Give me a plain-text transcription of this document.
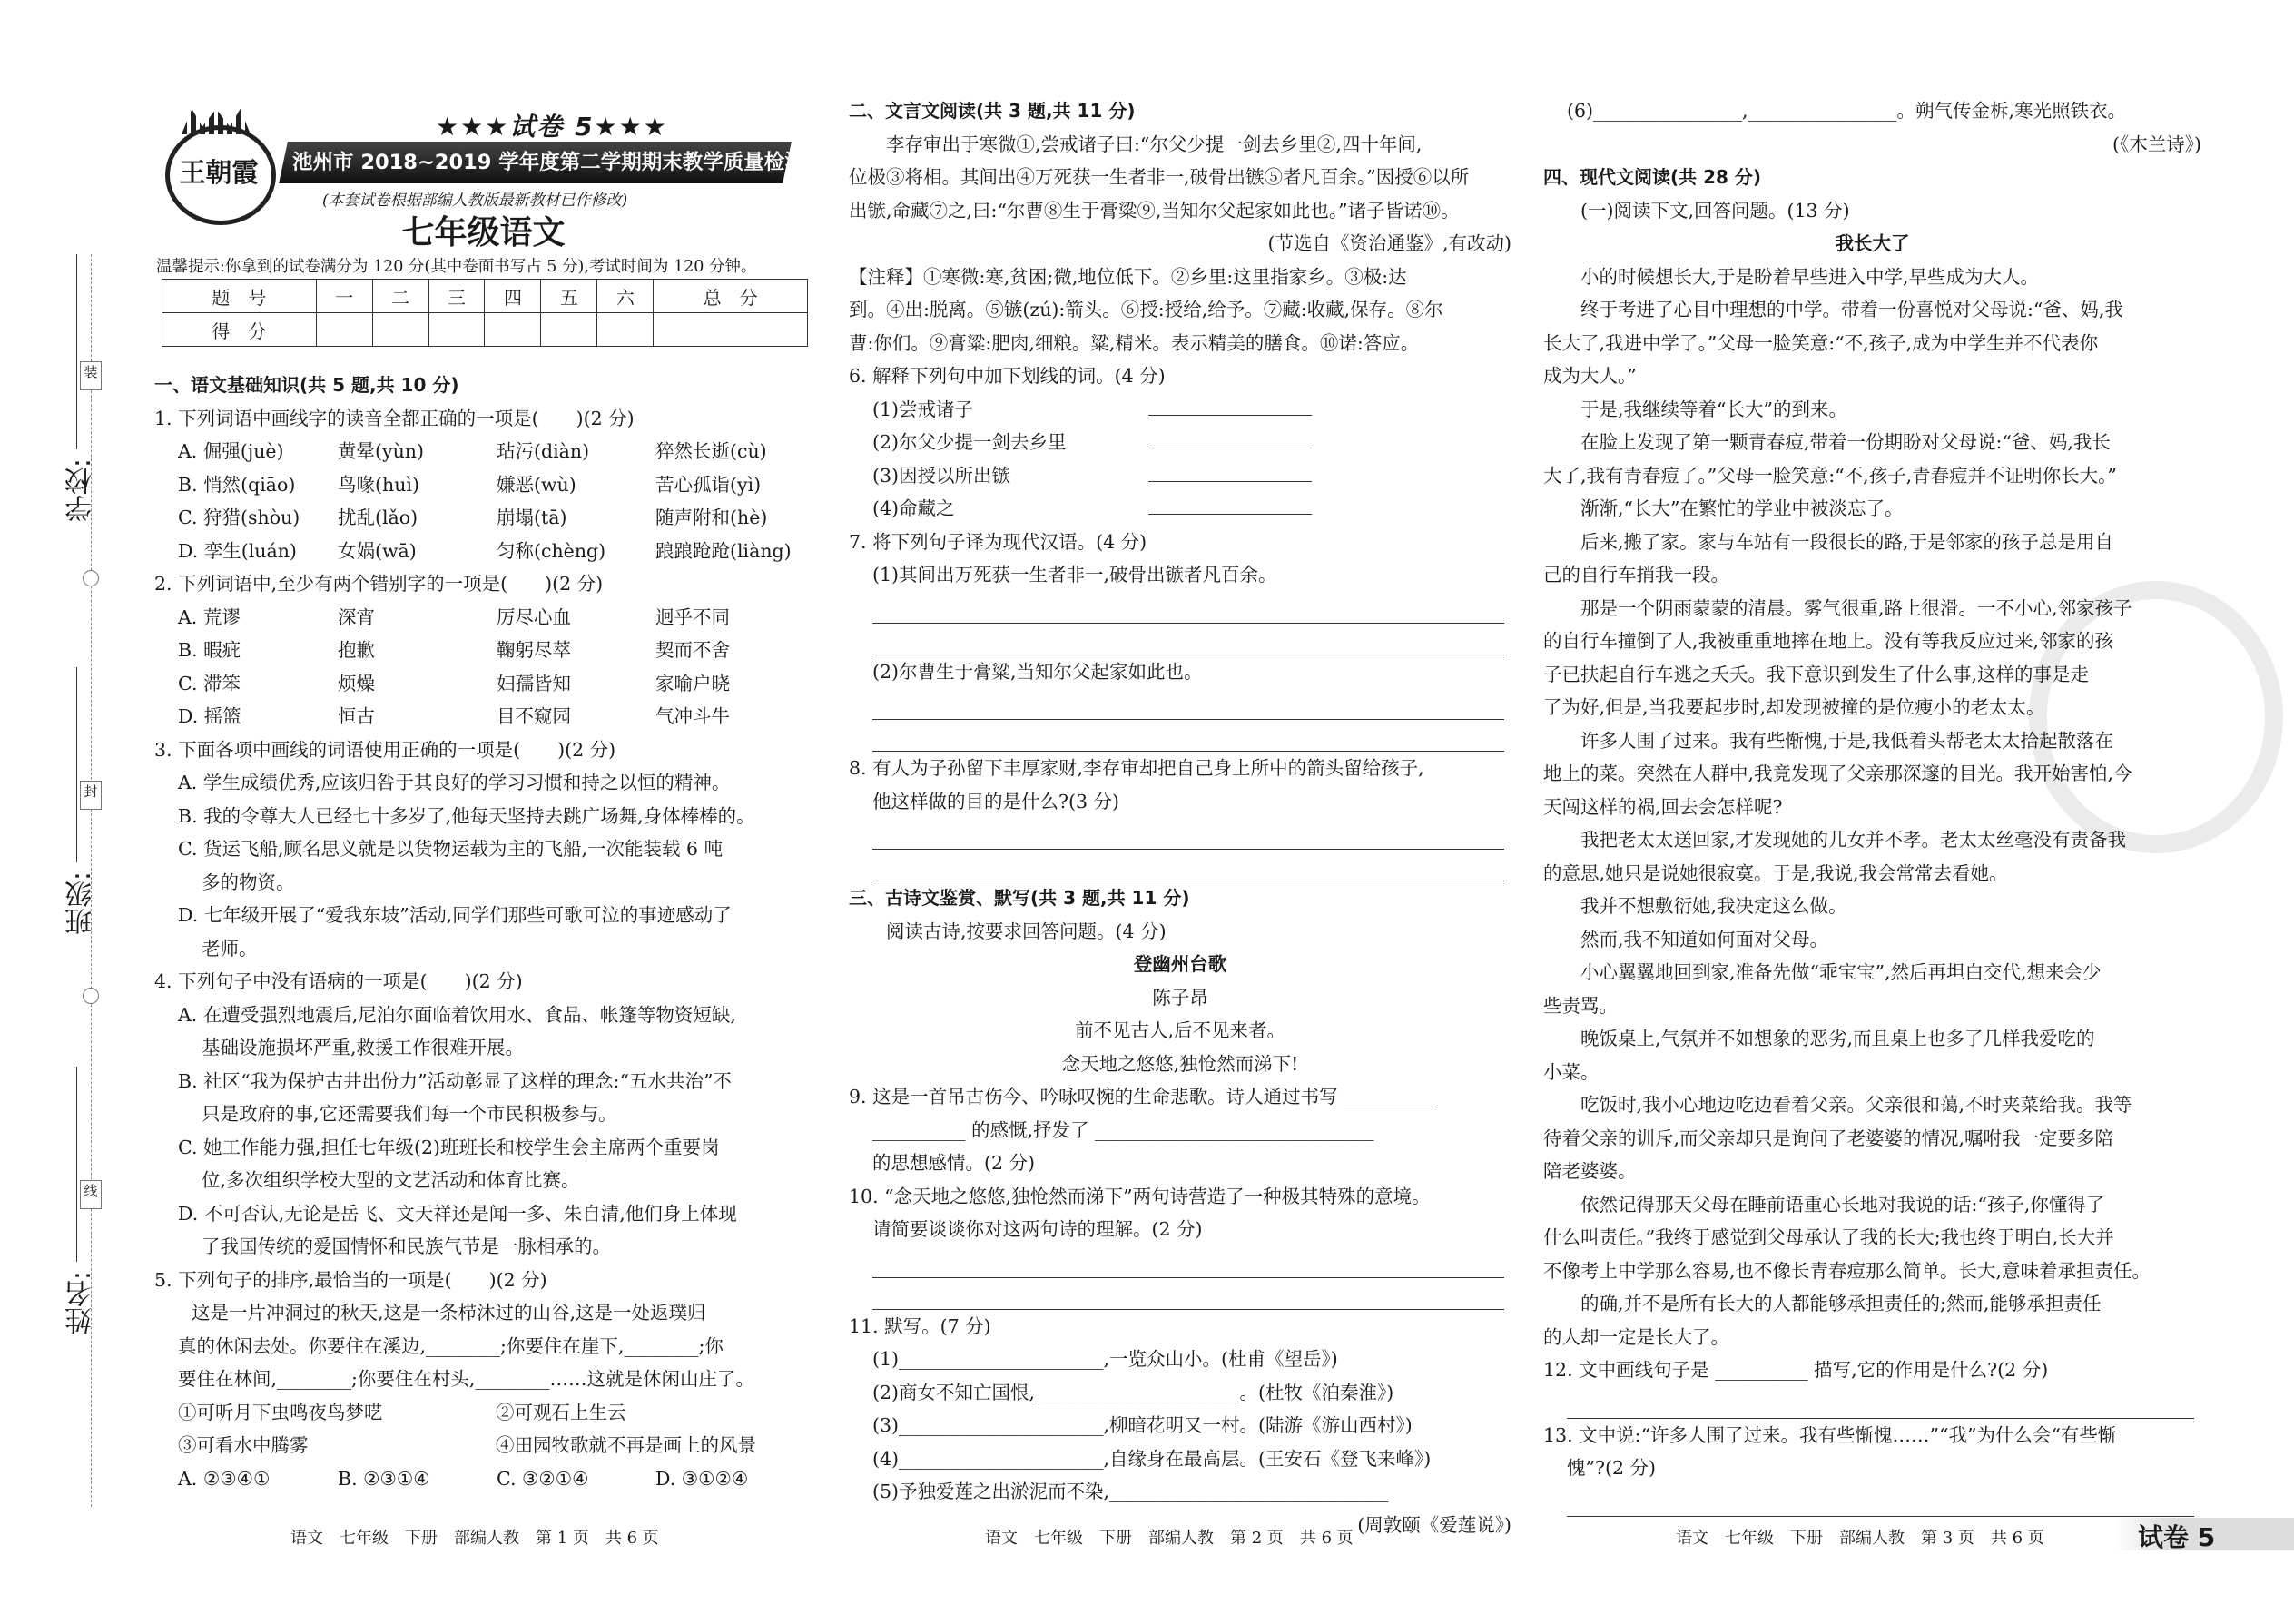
装
封
线
学校:
班级:
姓名:
王朝霞
★★★试卷 5★★★
池州市 2018~2019 学年度第二学期期末教学质量检测试题
(本套试卷根据部编人教版最新教材已作修改)
七年级语文
温馨提示:你拿到的试卷满分为 120 分(其中卷面书写占 5 分),考试时间为 120 分钟。
题　号	一	二	三	四	五	六	总　分
得　分							
一、语文基础知识(共 5 题,共 10 分)
1. 下列词语中画线字的读音全都正确的一项是(　　)(2 分)
A. 倔强(juè)	黄晕(yùn)	玷污(diàn)	猝然长逝(cù)
B. 悄然(qiāo) 鸟喙(huì)	嫌恶(wù)	苦心孤诣(yì)
C. 狩猎(shòu) 扰乱(lǎo)	崩塌(tā)	随声附和(hè)
D. 孪生(luán) 女娲(wā)	匀称(chèng)	踉踉跄跄(liàng)
2. 下列词语中,至少有两个错别字的一项是(　　)(2 分)
A. 荒谬	深宵	厉尽心血	迥乎不同
B. 暇疵	抱歉	鞠躬尽萃	契而不舍
C. 滞笨	烦燥	妇孺皆知	家喻户晓
D. 摇篮	恒古	目不窥园	气冲斗牛
3. 下面各项中画线的词语使用正确的一项是(　　)(2 分)
A. 学生成绩优秀,应该归咎于其良好的学习习惯和持之以恒的精神。
B. 我的令尊大人已经七十多岁了,他每天坚持去跳广场舞,身体棒棒的。
C. 货运飞船,顾名思义就是以货物运载为主的飞船,一次能装载 6 吨
多的物资。
D. 七年级开展了“爱我东坡”活动,同学们那些可歌可泣的事迹感动了
老师。
4. 下列句子中没有语病的一项是(　　)(2 分)
A. 在遭受强烈地震后,尼泊尔面临着饮用水、食品、帐篷等物资短缺,
基础设施损坏严重,救援工作很难开展。
B. 社区“我为保护古井出份力”活动彰显了这样的理念:“五水共治”不
只是政府的事,它还需要我们每一个市民积极参与。
C. 她工作能力强,担任七年级(2)班班长和校学生会主席两个重要岗
位,多次组织学校大型的文艺活动和体育比赛。
D. 不可否认,无论是岳飞、文天祥还是闻一多、朱自清,他们身上体现
了我国传统的爱国情怀和民族气节是一脉相承的。
5. 下列句子的排序,最恰当的一项是(　　)(2 分)
这是一片冲洞过的秋天,这是一条栉沐过的山谷,这是一处返璞归
真的休闲去处。你要住在溪边,________;你要住在崖下,________;你
要住在林间,________;你要住在村头,________……这就是休闲山庄了。
①可听月下虫鸣夜鸟梦呓	②可观石上生云
③可看水中腾雾	④田园牧歌就不再是画上的风景
A. ②③④①	B. ②③①④	C. ③②①④	D. ③①②④
二、文言文阅读(共 3 题,共 11 分)
李存审出于寒微①,尝戒诸子曰:“尔父少提一剑去乡里②,四十年间,
位极③将相。其间出④万死获一生者非一,破骨出镞⑤者凡百余。”因授⑥以所
出镞,命藏⑦之,曰:“尔曹⑧生于膏粱⑨,当知尔父起家如此也。”诸子皆诺⑩。
(节选自《资治通鉴》,有改动)
【注释】①寒微:寒,贫困;微,地位低下。②乡里:这里指家乡。③极:达
到。④出:脱离。⑤镞(zú):箭头。⑥授:授给,给予。⑦藏:收藏,保存。⑧尔
曹:你们。⑨膏粱:肥肉,细粮。粱,精米。表示精美的膳食。⑩诺:答应。
6. 解释下列句中加下划线的词。(4 分)
(1)尝戒诸子
(2)尔父少提一剑去乡里
(3)因授以所出镞
(4)命藏之
7. 将下列句子译为现代汉语。(4 分)
(1)其间出万死获一生者非一,破骨出镞者凡百余。
(2)尔曹生于膏粱,当知尔父起家如此也。
8. 有人为子孙留下丰厚家财,李存审却把自己身上所中的箭头留给孩子,
他这样做的目的是什么?(3 分)
三、古诗文鉴赏、默写(共 3 题,共 11 分)
阅读古诗,按要求回答问题。(4 分)
登幽州台歌
陈子昂
前不见古人,后不见来者。
念天地之悠悠,独怆然而涕下!
9. 这是一首吊古伤今、吟咏叹惋的生命悲歌。诗人通过书写 __________
__________ 的感慨,抒发了 ______________________________
的思想感情。(2 分)
10. “念天地之悠悠,独怆然而涕下”两句诗营造了一种极其特殊的意境。
请简要谈谈你对这两句诗的理解。(2 分)
11. 默写。(7 分)
(1)______________________,一览众山小。(杜甫《望岳》)
(2)商女不知亡国恨,______________________。(杜牧《泊秦淮》)
(3)______________________,柳暗花明又一村。(陆游《游山西村》)
(4)______________________,自缘身在最高层。(王安石《登飞来峰》)
(5)予独爱莲之出淤泥而不染,______________________________
(周敦颐《爱莲说》)
(6)________________,________________。朔气传金柝,寒光照铁衣。
(《木兰诗》)
四、现代文阅读(共 28 分)
(一)阅读下文,回答问题。(13 分)
我长大了
小的时候想长大,于是盼着早些进入中学,早些成为大人。
终于考进了心目中理想的中学。带着一份喜悦对父母说:“爸、妈,我
长大了,我进中学了。”父母一脸笑意:“不,孩子,成为中学生并不代表你
成为大人。”
于是,我继续等着“长大”的到来。
在脸上发现了第一颗青春痘,带着一份期盼对父母说:“爸、妈,我长
大了,我有青春痘了。”父母一脸笑意:“不,孩子,青春痘并不证明你长大。”
渐渐,“长大”在繁忙的学业中被淡忘了。
后来,搬了家。家与车站有一段很长的路,于是邻家的孩子总是用自
己的自行车捎我一段。
那是一个阴雨蒙蒙的清晨。雾气很重,路上很滑。一不小心,邻家孩子
的自行车撞倒了人,我被重重地摔在地上。没有等我反应过来,邻家的孩
子已扶起自行车逃之夭夭。我下意识到发生了什么事,这样的事是走
了为好,但是,当我要起步时,却发现被撞的是位瘦小的老太太。
许多人围了过来。我有些惭愧,于是,我低着头帮老太太拾起散落在
地上的菜。突然在人群中,我竟发现了父亲那深邃的目光。我开始害怕,今
天闯这样的祸,回去会怎样呢?
我把老太太送回家,才发现她的儿女并不孝。老太太丝毫没有责备我
的意思,她只是说她很寂寞。于是,我说,我会常常去看她。
我并不想敷衍她,我决定这么做。
然而,我不知道如何面对父母。
小心翼翼地回到家,准备先做“乖宝宝”,然后再坦白交代,想来会少
些责骂。
晚饭桌上,气氛并不如想象的恶劣,而且桌上也多了几样我爱吃的
小菜。
吃饭时,我小心地边吃边看着父亲。父亲很和蔼,不时夹菜给我。我等
待着父亲的训斥,而父亲却只是询问了老婆婆的情况,嘱咐我一定要多陪
陪老婆婆。
依然记得那天父母在睡前语重心长地对我说的话:“孩子,你懂得了
什么叫责任。”我终于感觉到父母承认了我的长大;我也终于明白,长大并
不像考上中学那么容易,也不像长青春痘那么简单。长大,意味着承担责任。
的确,并不是所有长大的人都能够承担责任的;然而,能够承担责任
的人却一定是长大了。
12. 文中画线句子是 __________ 描写,它的作用是什么?(2 分)
13. 文中说:“许多人围了过来。我有些惭愧……”“我”为什么会“有些惭
愧”?(2 分)
语文　七年级　下册　部编人教　第 1 页　共 6 页	语文　七年级　下册　部编人教　第 2 页　共 6 页	语文　七年级　下册　部编人教　第 3 页　共 6 页	试卷 5
